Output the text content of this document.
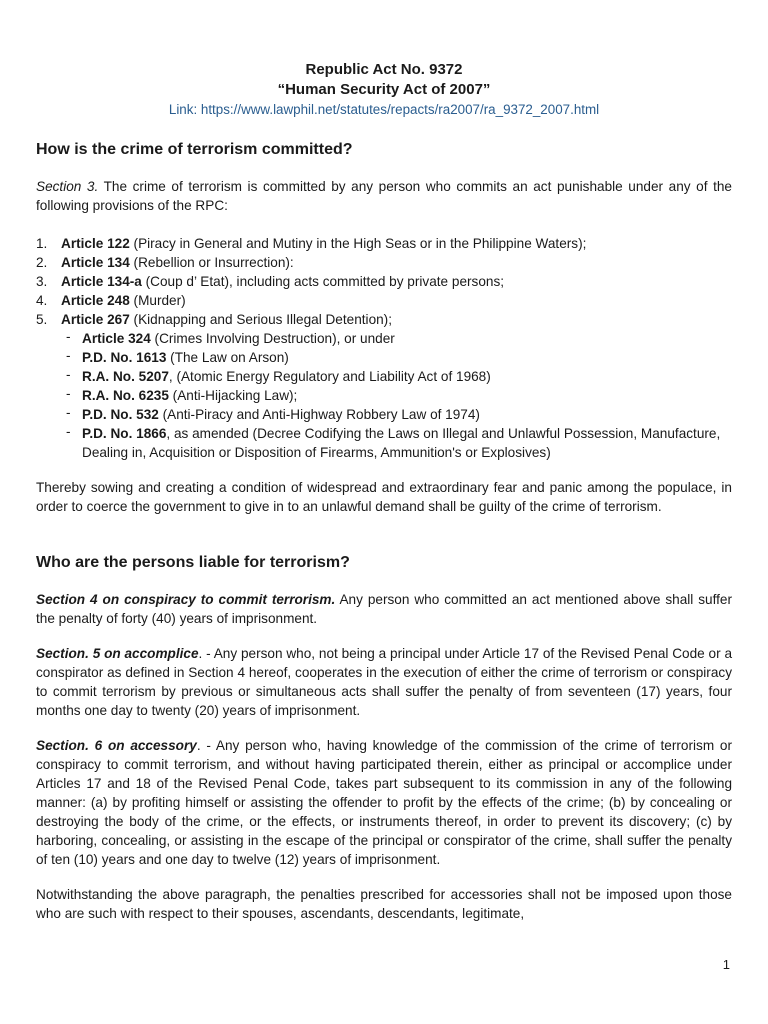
Republic Act No. 9372
“Human Security Act of 2007”
Link: https://www.lawphil.net/statutes/repacts/ra2007/ra_9372_2007.html
How is the crime of terrorism committed?

Section 3. The crime of terrorism is committed by any person who commits an act punishable under any of the following provisions of the RPC:

1. Article 122 (Piracy in General and Mutiny in the High Seas or in the Philippine Waters);
2. Article 134 (Rebellion or Insurrection):
3. Article 134-a (Coup d’ Etat), including acts committed by private persons;
4. Article 248 (Murder)
5. Article 267 (Kidnapping and Serious Illegal Detention);
- Article 324 (Crimes Involving Destruction), or under
- P.D. No. 1613 (The Law on Arson)
- R.A. No. 5207, (Atomic Energy Regulatory and Liability Act of 1968)
- R.A. No. 6235 (Anti-Hijacking Law);
- P.D. No. 532 (Anti-Piracy and Anti-Highway Robbery Law of 1974)
- P.D. No. 1866, as amended (Decree Codifying the Laws on Illegal and Unlawful Possession, Manufacture, Dealing in, Acquisition or Disposition of Firearms, Ammunition's or Explosives)

Thereby sowing and creating a condition of widespread and extraordinary fear and panic among the populace, in order to coerce the government to give in to an unlawful demand shall be guilty of the crime of terrorism.

Who are the persons liable for terrorism?

Section 4 on conspiracy to commit terrorism. Any person who committed an act mentioned above shall suffer the penalty of forty (40) years of imprisonment.

Section. 5 on accomplice. - Any person who, not being a principal under Article 17 of the Revised Penal Code or a conspirator as defined in Section 4 hereof, cooperates in the execution of either the crime of terrorism or conspiracy to commit terrorism by previous or simultaneous acts shall suffer the penalty of from seventeen (17) years, four months one day to twenty (20) years of imprisonment.

Section. 6 on accessory. - Any person who, having knowledge of the commission of the crime of terrorism or conspiracy to commit terrorism, and without having participated therein, either as principal or accomplice under Articles 17 and 18 of the Revised Penal Code, takes part subsequent to its commission in any of the following manner: (a) by profiting himself or assisting the offender to profit by the effects of the crime; (b) by concealing or destroying the body of the crime, or the effects, or instruments thereof, in order to prevent its discovery; (c) by harboring, concealing, or assisting in the escape of the principal or conspirator of the crime, shall suffer the penalty of ten (10) years and one day to twelve (12) years of imprisonment.

Notwithstanding the above paragraph, the penalties prescribed for accessories shall not be imposed upon those who are such with respect to their spouses, ascendants, descendants, legitimate,

1
